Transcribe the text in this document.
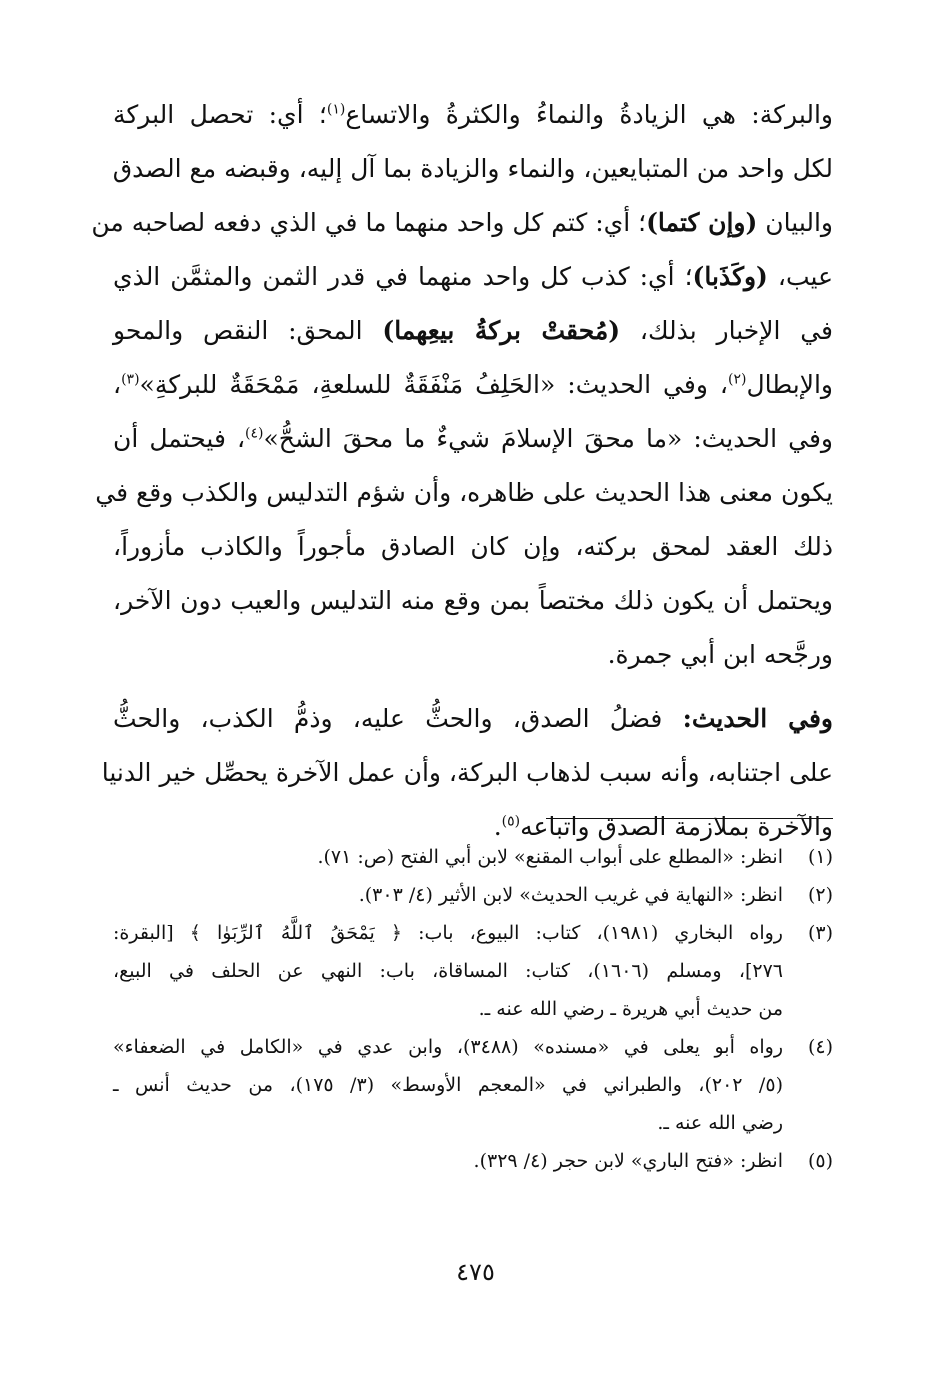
والبركة: هي الزيادةُ والنماءُ والكثرةُ والاتساع$^{(١)}$؛ أي: تحصل البركة
لكل واحد من المتبايعين، والنماء والزيادة بما آل إليه، وقبضه مع الصدق
والبيان (وإن كتما)؛ أي: كتم كل واحد منهما ما في الذي دفعه لصاحبه من
عيب، (وكَذَبا)؛ أي: كذب كل واحد منهما في قدر الثمن والمثمَّن الذي
في الإخبار بذلك، (مُحقتْ بركةُ بيعِهما) المحق: النقص والمحو
والإبطال$^{(٢)}$، وفي الحديث: «الحَلِفُ مَنْفَقَةٌ للسلعةِ، مَمْحَقَةٌ للبركةِ»$^{(٣)}$،
وفي الحديث: «ما محقَ الإسلامَ شيءٌ ما محقَ الشحُّ»$^{(٤)}$، فيحتمل أن
يكون معنى هذا الحديث على ظاهره، وأن شؤم التدليس والكذب وقع في
ذلك العقد لمحق بركته، وإن كان الصادق مأجوراً والكاذب مأزوراً،
ويحتمل أن يكون ذلك مختصاً بمن وقع منه التدليس والعيب دون الآخر،
ورجَّحه ابن أبي جمرة.
وفي الحديث: فضلُ الصدق، والحثُّ عليه، وذمُّ الكذب، والحثُّ
على اجتنابه، وأنه سبب لذهاب البركة، وأن عمل الآخرة يحصِّل خير الدنيا
والآخرة بملازمة الصدق واتباعه$^{(٥)}$.
(١)
انظر: «المطلع على أبواب المقنع» لابن أبي الفتح (ص: ٧١).
(٢)
انظر: «النهاية في غريب الحديث» لابن الأثير (٤/ ٣٠٣).
(٣)
رواه البخاري (١٩٨١)، كتاب: البيوع، باب: ﴿ يَمْحَقُ ٱللَّهُ ٱلرِّبَوٰا ﴾ [البقرة:
٢٧٦]، ومسلم (١٦٠٦)، كتاب: المساقاة، باب: النهي عن الحلف في البيع،
من حديث أبي هريرة ـ رضي الله عنه ـ.
(٤)
رواه أبو يعلى في «مسنده» (٣٤٨٨)، وابن عدي في «الكامل في الضعفاء»
(٥/ ٢٠٢)، والطبراني في «المعجم الأوسط» (٣/ ١٧٥)، من حديث أنس ـ
رضي الله عنه ـ.
(٥)
انظر: «فتح الباري» لابن حجر (٤/ ٣٢٩).
٤٧٥
